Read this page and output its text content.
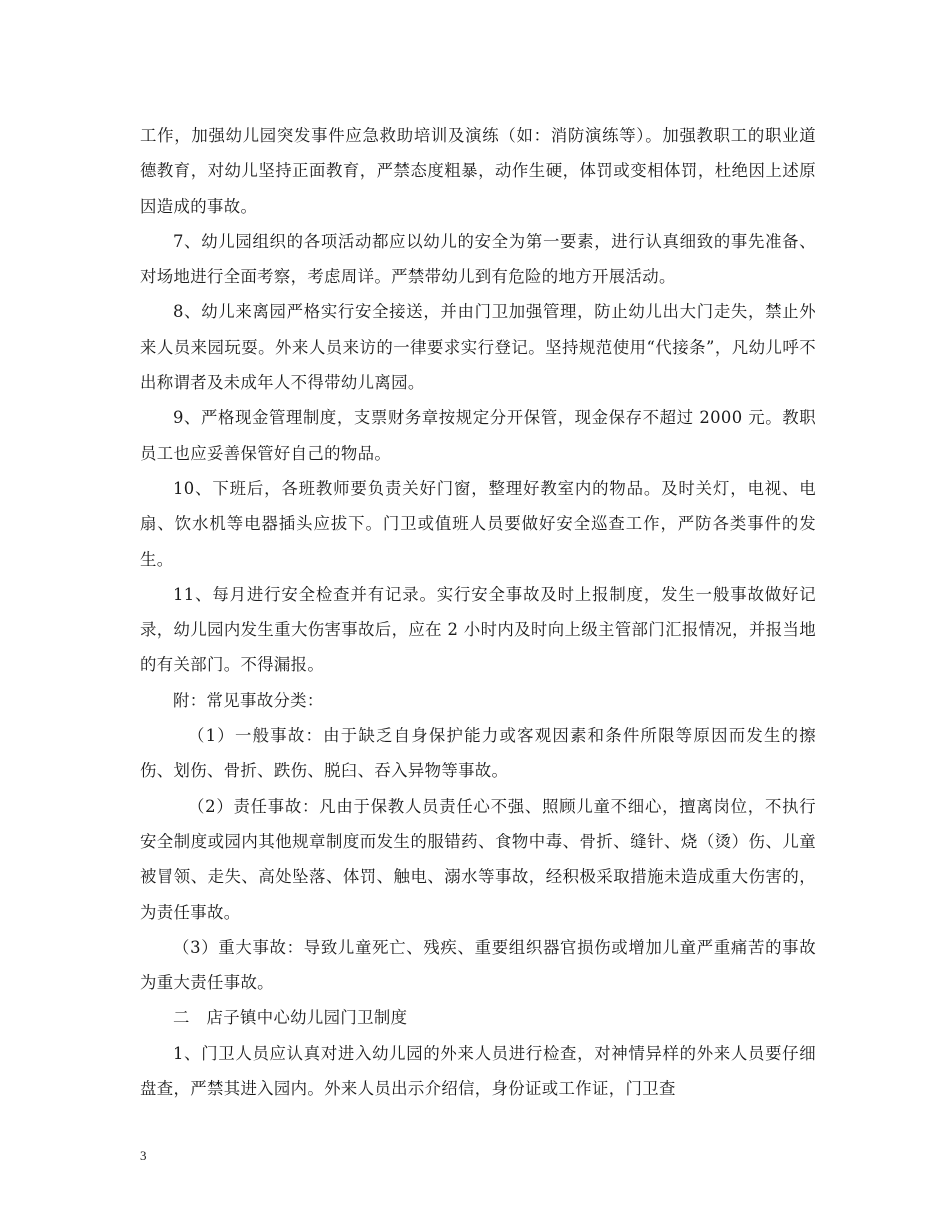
工作，加强幼儿园突发事件应急救助培训及演练（如：消防演练等）。加强教职工的职业道德教育，对幼儿坚持正面教育，严禁态度粗暴，动作生硬，体罚或变相体罚，杜绝因上述原因造成的事故。

7、幼儿园组织的各项活动都应以幼儿的安全为第一要素，进行认真细致的事先准备、对场地进行全面考察，考虑周详。严禁带幼儿到有危险的地方开展活动。

8、幼儿来离园严格实行安全接送，并由门卫加强管理，防止幼儿出大门走失，禁止外来人员来园玩耍。外来人员来访的一律要求实行登记。坚持规范使用“代接条”，凡幼儿呼不出称谓者及未成年人不得带幼儿离园。

9、严格现金管理制度，支票财务章按规定分开保管，现金保存不超过 2000 元。教职员工也应妥善保管好自己的物品。

10、下班后，各班教师要负责关好门窗，整理好教室内的物品。及时关灯，电视、电扇、饮水机等电器插头应拔下。门卫或值班人员要做好安全巡查工作，严防各类事件的发生。

11、每月进行安全检查并有记录。实行安全事故及时上报制度，发生一般事故做好记录，幼儿园内发生重大伤害事故后，应在 2 小时内及时向上级主管部门汇报情况，并报当地的有关部门。不得漏报。

附：常见事故分类：

（1）一般事故：由于缺乏自身保护能力或客观因素和条件所限等原因而发生的擦伤、划伤、骨折、跌伤、脱臼、吞入异物等事故。

（2）责任事故：凡由于保教人员责任心不强、照顾儿童不细心，擅离岗位，不执行安全制度或园内其他规章制度而发生的服错药、食物中毒、骨折、缝针、烧（烫）伤、儿童被冒领、走失、高处坠落、体罚、触电、溺水等事故，经积极采取措施未造成重大伤害的，为责任事故。

（3）重大事故：导致儿童死亡、残疾、重要组织器官损伤或增加儿童严重痛苦的事故为重大责任事故。

二　店子镇中心幼儿园门卫制度

1、门卫人员应认真对进入幼儿园的外来人员进行检查，对神情异样的外来人员要仔细盘查，严禁其进入园内。外来人员出示介绍信，身份证或工作证，门卫查

3
